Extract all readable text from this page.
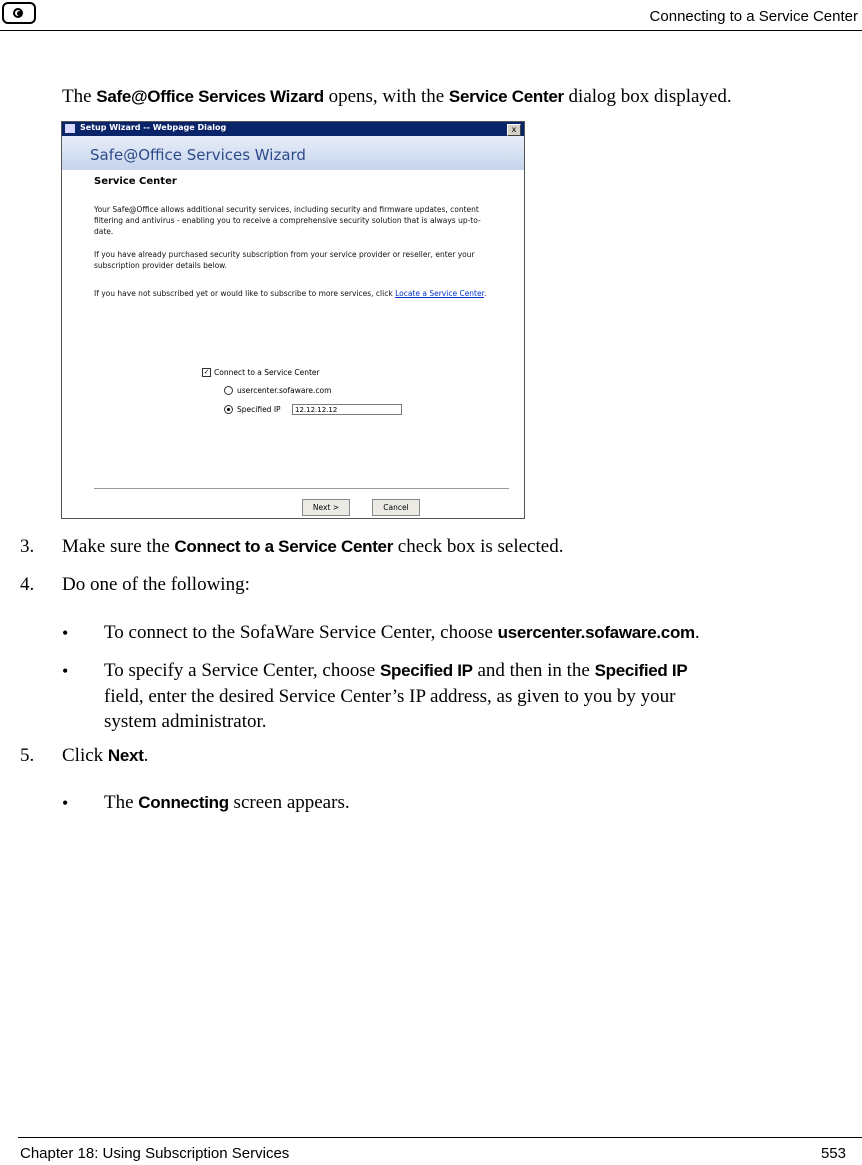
Connecting to a Service Center
The Safe@Office Services Wizard opens, with the Service Center dialog box displayed.
Setup Wizard -- Webpage Dialog	x
Safe@Office Services Wizard
Service Center
Your Safe@Office allows additional security services, including security and firmware updates, content filtering and antivirus - enabling you to receive a comprehensive security solution that is always up-to-date.
If you have already purchased security subscription from your service provider or reseller, enter your subscription provider details below.
If you have not subscribed yet or would like to subscribe to more services, click Locate a Service Center.
✓ Connect to a Service Center
usercenter.sofaware.com
Specified IP	12.12.12.12
Next >	Cancel
3. Make sure the Connect to a Service Center check box is selected.
4. Do one of the following:
• To connect to the SofaWare Service Center, choose usercenter.sofaware.com.
• To specify a Service Center, choose Specified IP and then in the Specified IP
field, enter the desired Service Center’s IP address, as given to you by your
system administrator.
5. Click Next.
• The Connecting screen appears.
Chapter 18: Using Subscription Services	553
